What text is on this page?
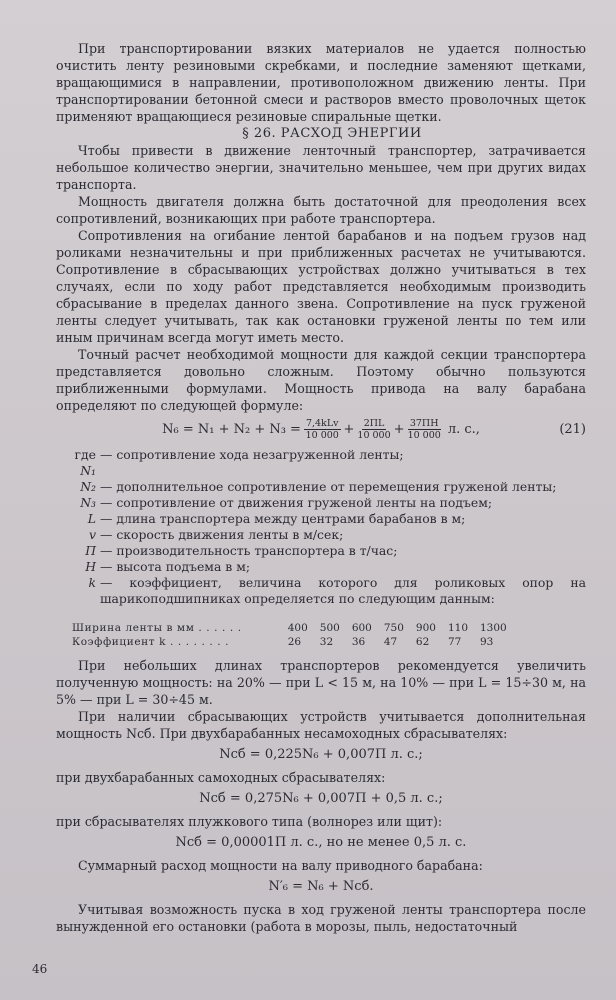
При транспортировании вязких материалов не удается полностью очистить ленту резиновыми скребками, и последние заменяют щетками, вращающимися в направлении, противоположном движению ленты. При транспортировании бетонной смеси и растворов вместо проволочных щеток применяют вращающиеся резиновые спиральные щетки.

§ 26. РАСХОД ЭНЕРГИИ

Чтобы привести в движение ленточный транспортер, затрачивается небольшое количество энергии, значительно меньшее, чем при других видах транспорта.

Мощность двигателя должна быть достаточной для преодоления всех сопротивлений, возникающих при работе транспортера.

Сопротивления на огибание лентой барабанов и на подъем грузов над роликами незначительны и при приближенных расчетах не учитываются. Сопротивление в сбрасывающих устройствах должно учитываться в тех случаях, если по ходу работ представляется необходимым производить сбрасывание в пределах данного звена. Сопротивление на пуск груженой ленты следует учитывать, так как остановки груженой ленты по тем или иным причинам всегда могут иметь место.

Точный расчет необходимой мощности для каждой секции транспортера представляется довольно сложным. Поэтому обычно пользуются приближенными формулами. Мощность привода на валу барабана определяют по следующей формуле:

$N_6 = N_1 + N_2 + N_3 = \frac{\text{7,4kLv}}{10 000} + \frac{2ПL}{10 000} + \frac{37ПН}{10 000} л$. с.,	(21)
где N₁
— сопротивление хода незагруженной ленты;
N₂ — дополнительное сопротивление от перемещения груженой ленты;
N₃ — сопротивление от движения груженой ленты на подъем;
L — длина транспортера между центрами барабанов в м;
v — скорость движения ленты в м/сек;
П — производительность транспортера в т/час;
Н — высота подъема в м;
k — коэффициент, величина которого для роликовых опор на шарикоподшипниках определяется по следующим данным:
Ширина ленты в мм . . . . . .	400	500	600	750	900	110	1300
Коэффициент k . . . . . . . .	26	32	36	47	62	77	93

При небольших длинах транспортеров рекомендуется увеличить полученную мощность: на 20% — при L < 15 м, на 10% — при L = 15÷30 м, на 5% — при L = 30÷45 м.

При наличии сбрасывающих устройств учитывается дополнительная мощность Nсб. При двухбарабанных несамоходных сбрасывателях:

Nсб = 0,225N₆ + 0,007П л. с.;

при двухбарабанных самоходных сбрасывателях:

Nсб = 0,275N₆ + 0,007П + 0,5 л. с.;

при сбрасывателях плужкового типа (волнорез или щит):

Nсб = 0,00001П л. с., но не менее 0,5 л. с.

Суммарный расход мощности на валу приводного барабана:

N′₆ = N₆ + Nсб.

Учитывая возможность пуска в ход груженой ленты транспортера после вынужденной его остановки (работа в морозы, пыль, недостаточный

46
